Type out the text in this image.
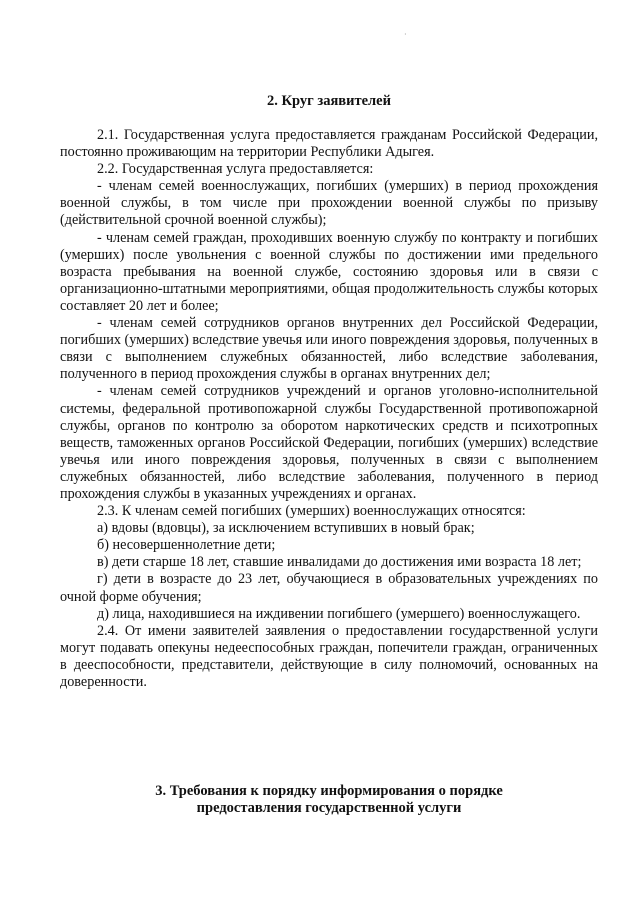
·
2. Круг заявителей

2.1. Государственная услуга предоставляется гражданам Российской Федерации, постоянно проживающим на территории Республики Адыгея.

2.2. Государственная услуга предоставляется:

- членам семей военнослужащих, погибших (умерших) в период прохождения военной службы, в том числе при прохождении военной службы по призыву (действительной срочной военной службы);

- членам семей граждан, проходивших военную службу по контракту и погибших (умерших) после увольнения с военной службы по достижении ими предельного возраста пребывания на военной службе, состоянию здоровья или в связи с организационно-штатными мероприятиями, общая продолжительность службы которых составляет 20 лет и более;

- членам семей сотрудников органов внутренних дел Российской Федерации, погибших (умерших) вследствие увечья или иного повреждения здоровья, полученных в связи с выполнением служебных обязанностей, либо вследствие заболевания, полученного в период прохождения службы в органах внутренних дел;

- членам семей сотрудников учреждений и органов уголовно-исполнительной системы, федеральной противопожарной службы Государственной противопожарной службы, органов по контролю за оборотом наркотических средств и психотропных веществ, таможенных органов Российской Федерации, погибших (умерших) вследствие увечья или иного повреждения здоровья, полученных в связи с выполнением служебных обязанностей, либо вследствие заболевания, полученного в период прохождения службы в указанных учреждениях и органах.

2.3. К членам семей погибших (умерших) военнослужащих относятся:

а) вдовы (вдовцы), за исключением вступивших в новый брак;

б) несовершеннолетние дети;

в) дети старше 18 лет, ставшие инвалидами до достижения ими возраста 18 лет;

г) дети в возрасте до 23 лет, обучающиеся в образовательных учреждениях по очной форме обучения;

д) лица, находившиеся на иждивении погибшего (умершего) военнослужащего.

2.4. От имени заявителей заявления о предоставлении государственной услуги могут подавать опекуны недееспособных граждан, попечители граждан, ограниченных в дееспособности, представители, действующие в силу полномочий, основанных на доверенности.

3. Требования к порядку информирования о порядке
предоставления государственной услуги
